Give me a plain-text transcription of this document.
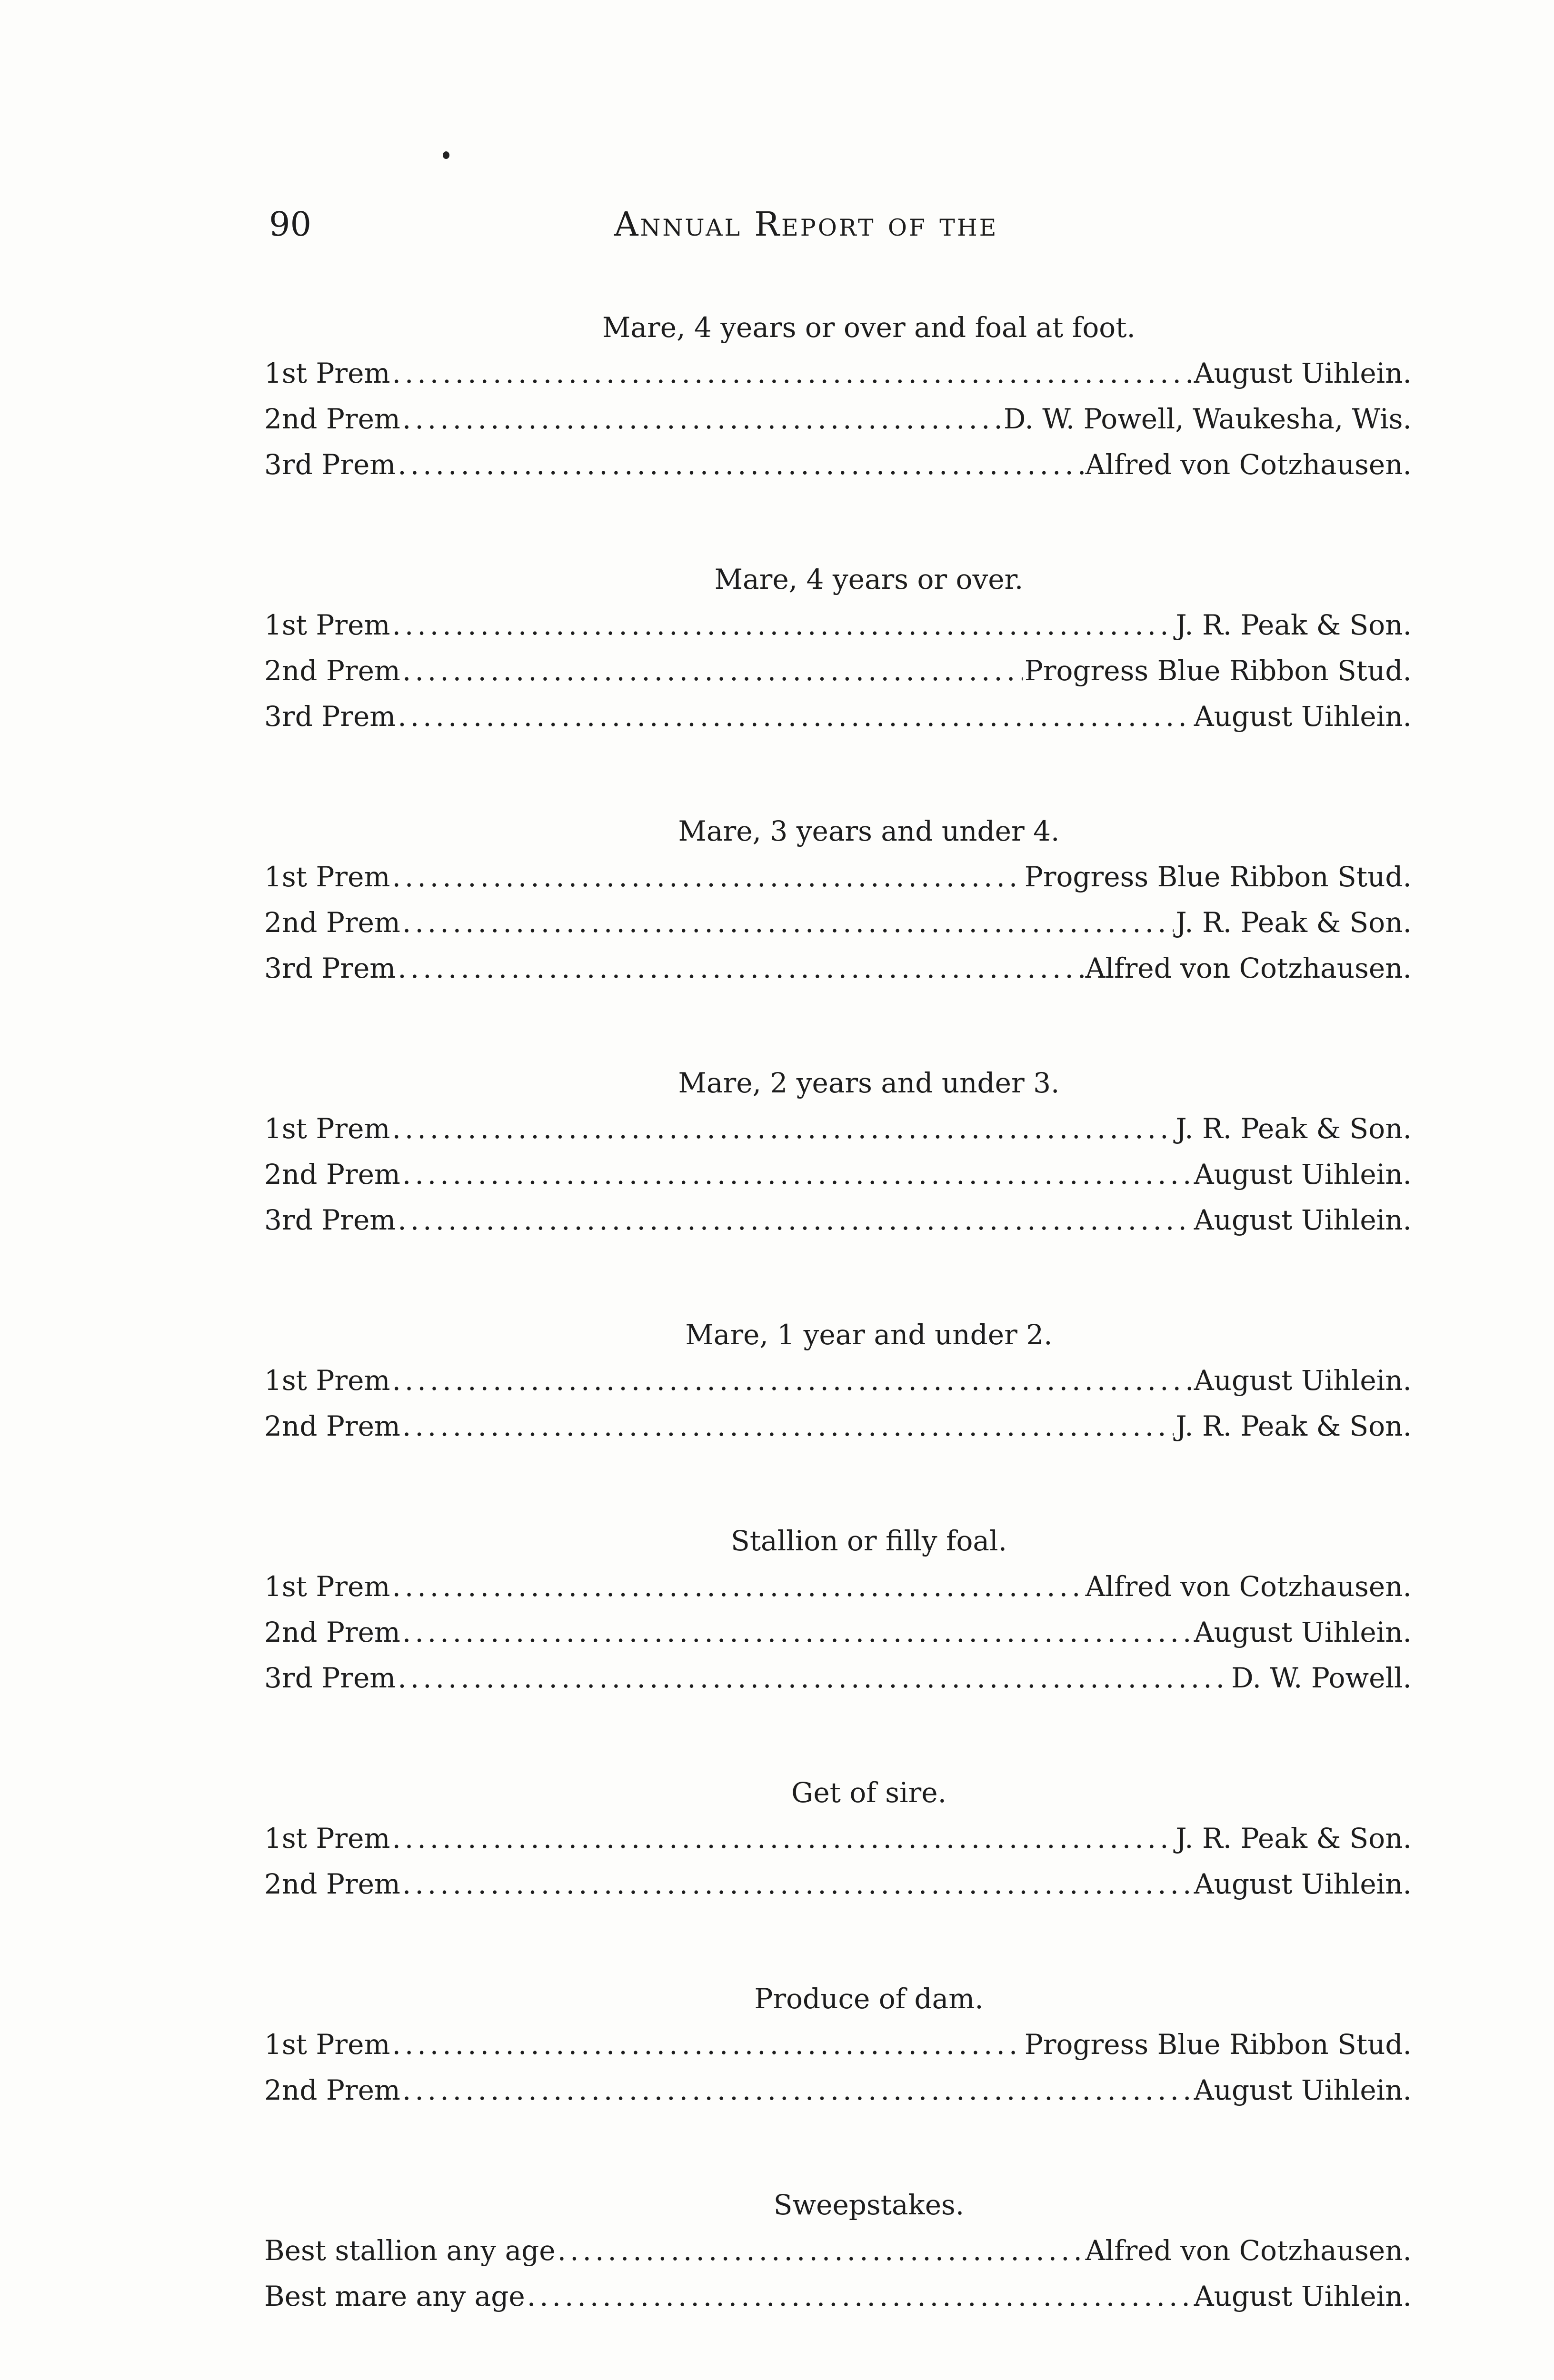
90	Annual Report of the
Mare, 4 years or over and foal at foot.
1st Prem .....	August Uihlein.
2nd Prem .....	D. W. Powell, Waukesha, Wis.
3rd Prem .....	Alfred von Cotzhausen.
Mare, 4 years or over.
1st Prem .....	J. R. Peak & Son.
2nd Prem .....	Progress Blue Ribbon Stud.
3rd Prem .....	August Uihlein.
Mare, 3 years and under 4.
1st Prem .....	Progress Blue Ribbon Stud.
2nd Prem .....	J. R. Peak & Son.
3rd Prem .....	Alfred von Cotzhausen.
Mare, 2 years and under 3.
1st Prem .....	J. R. Peak & Son.
2nd Prem .....	August Uihlein.
3rd Prem .....	August Uihlein.
Mare, 1 year and under 2.
1st Prem .....	August Uihlein.
2nd Prem .....	J. R. Peak & Son.
Stallion or filly foal.
1st Prem .....	Alfred von Cotzhausen.
2nd Prem .....	August Uihlein.
3rd Prem .....	D. W. Powell.
Get of sire.
1st Prem .....	J. R. Peak & Son.
2nd Prem .....	August Uihlein.
Produce of dam.
1st Prem .....	Progress Blue Ribbon Stud.
2nd Prem .....	August Uihlein.
Sweepstakes.
Best stallion any age .....	Alfred von Cotzhausen.
Best mare any age .....	August Uihlein.
